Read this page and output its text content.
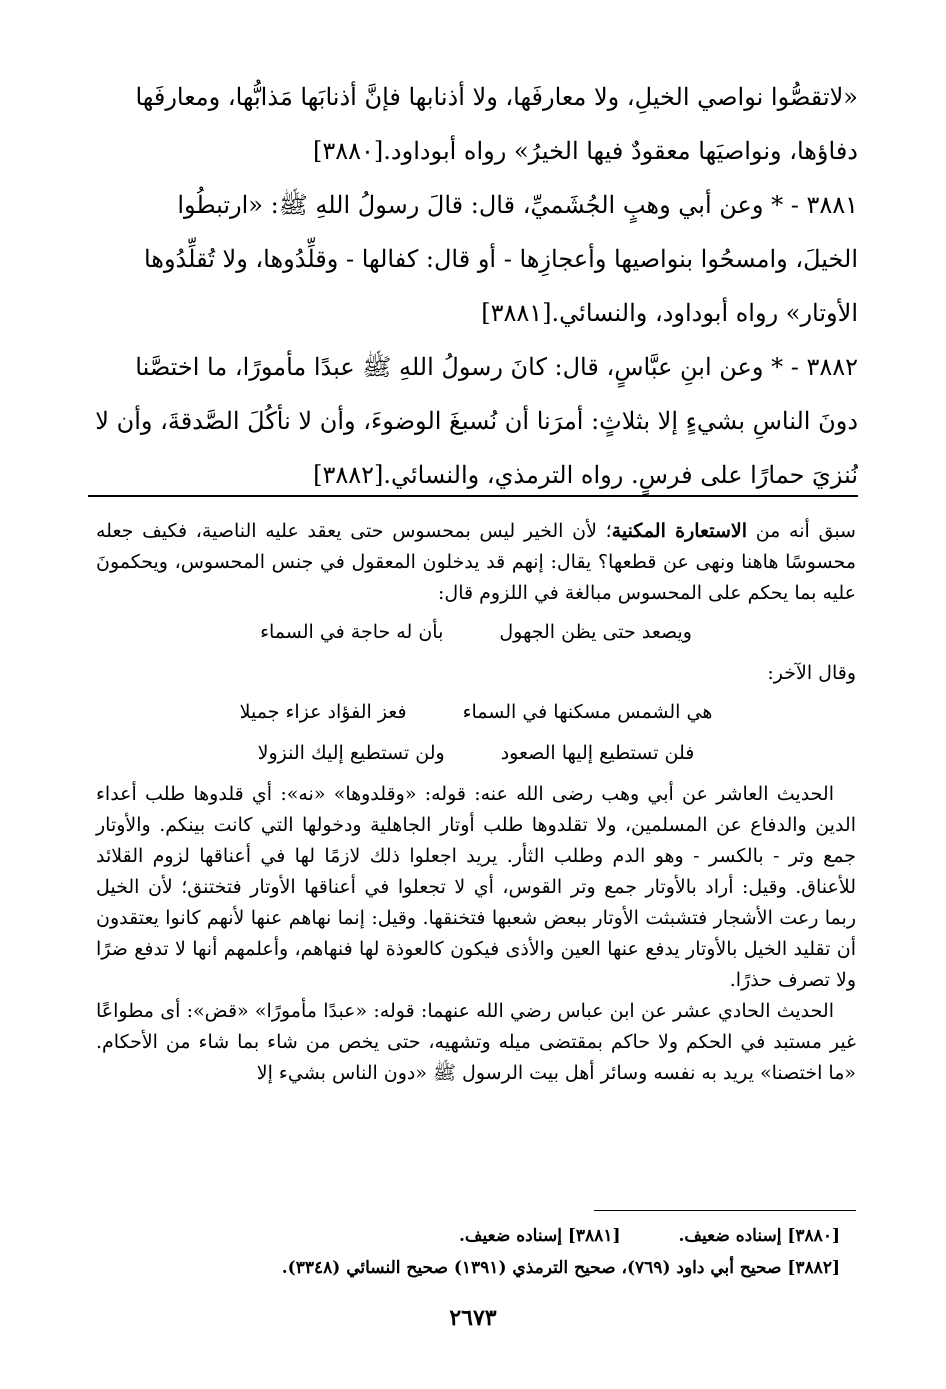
«لاتقصُّوا نواصي الخيلِ، ولا معارفَها، ولا أذنابها فإنَّ أذنابَها مَذابُّها، ومعارفَها
دفاؤها، ونواصيَها معقودٌ فيها الخيرُ» رواه أبوداود.[٣٨٨٠]

٣٨٨١ - * وعن أبي وهبٍ الجُشَميِّ، قال: قالَ رسولُ اللهِ ﷺ: «ارتبطُوا
الخيلَ، وامسحُوا بنواصيها وأعجازِها - أو قال: كفالها - وقلِّدُوها، ولا تُقلِّدُوها
الأوتار» رواه أبوداود، والنسائي.[٣٨٨١]

٣٨٨٢ - * وعن ابنِ عبَّاسٍ، قال: كانَ رسولُ اللهِ ﷺ عبدًا مأمورًا، ما اختصَّنا
دونَ الناسِ بشيءٍ إلا بثلاثٍ: أمرَنا أن نُسبغَ الوضوءَ، وأن لا نأكُلَ الصَّدقةَ، وأن لا
نُنزيَ حمارًا على فرسٍ. رواه الترمذي، والنسائي.[٣٨٨٢]

سبق أنه من الاستعارة المكنية؛ لأن الخير ليس بمحسوس حتى يعقد عليه الناصية، فكيف جعله محسوسًا هاهنا ونهى عن قطعها؟ يقال: إنهم قد يدخلون المعقول في جنس المحسوس، ويحكمونَ عليه بما يحكم على المحسوس مبالغة في اللزوم قال:

ويصعد حتى يظن الجهول
بأن له حاجة في السماء

وقال الآخر:

هي الشمس مسكنها في السماء
فعز الفؤاد عزاء جميلا
فلن تستطيع إليها الصعود
ولن تستطيع إليك النزولا

الحديث العاشر عن أبي وهب رضى الله عنه: قوله: «وقلدوها» «نه»: أي قلدوها طلب أعداء الدين والدفاع عن المسلمين، ولا تقلدوها طلب أوتار الجاهلية ودخولها التي كانت بينكم. والأوتار جمع وتر - بالكسر - وهو الدم وطلب الثأر. يريد اجعلوا ذلك لازمًا لها في أعناقها لزوم القلائد للأعناق. وقيل: أراد بالأوتار جمع وتر القوس، أي لا تجعلوا في أعناقها الأوتار فتختنق؛ لأن الخيل ربما رعت الأشجار فتشبثت الأوتار ببعض شعبها فتخنقها. وقيل: إنما نهاهم عنها لأنهم كانوا يعتقدون أن تقليد الخيل بالأوتار يدفع عنها العين والأذى فيكون كالعوذة لها فنهاهم، وأعلمهم أنها لا تدفع ضرًا ولا تصرف حذرًا.

الحديث الحادي عشر عن ابن عباس رضي الله عنهما: قوله: «عبدًا مأمورًا» «قض»: أى مطواعًا غير مستبد في الحكم ولا حاكم بمقتضى ميله وتشهيه، حتى يخص من شاء بما شاء من الأحكام. «ما اختصنا» يريد به نفسه وسائر أهل بيت الرسول ﷺ «دون الناس بشيء إلا

[٣٨٨٠] إسناده ضعيف.
[٣٨٨١] إسناده ضعيف.
[٣٨٨٢] صحيح أبي داود (٧٦٩)، صحيح الترمذي (١٣٩١) صحيح النسائي (٣٣٤٨).
٢٦٧٣
